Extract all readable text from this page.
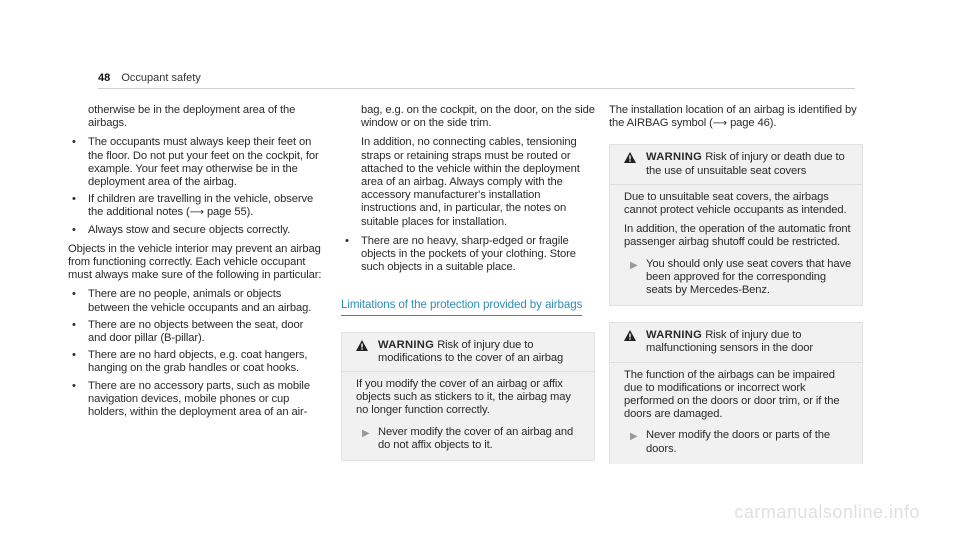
48 Occupant safety

otherwise be in the deployment area of the airbags.

• The occupants must always keep their feet on the floor. Do not put your feet on the cockpit, for example. Your feet may otherwise be in the deployment area of the airbag.
• If children are travelling in the vehicle, observe the additional notes (⟶ page 55).
• Always stow and secure objects correctly.

Objects in the vehicle interior may prevent an airbag from functioning correctly. Each vehicle occupant must always make sure of the following in particular:

• There are no people, animals or objects between the vehicle occupants and an airbag.
• There are no objects between the seat, door and door pillar (B-pillar).
• There are no hard objects, e.g. coat hangers, hanging on the grab handles or coat hooks.
• There are no accessory parts, such as mobile navigation devices, mobile phones or cup holders, within the deployment area of an air-

bag, e.g. on the cockpit, on the door, on the side window or on the side trim.

In addition, no connecting cables, tensioning straps or retaining straps must be routed or attached to the vehicle within the deployment area of an airbag. Always comply with the accessory manufacturer's installation instructions and, in particular, the notes on suitable places for installation.

• There are no heavy, sharp-edged or fragile objects in the pockets of your clothing. Store such objects in a suitable place.
Limitations of the protection provided by airbags
WARNING Risk of injury due to modifications to the cover of an airbag

If you modify the cover of an airbag or affix objects such as stickers to it, the airbag may no longer function correctly.

▶ Never modify the cover of an airbag and do not affix objects to it.

The installation location of an airbag is identified by the AIRBAG symbol (⟶ page 46).

WARNING Risk of injury or death due to the use of unsuitable seat covers

Due to unsuitable seat covers, the airbags cannot protect vehicle occupants as intended.

In addition, the operation of the automatic front passenger airbag shutoff could be restricted.

▶ You should only use seat covers that have been approved for the corresponding seats by Mercedes-Benz.
WARNING Risk of injury due to malfunctioning sensors in the door

The function of the airbags can be impaired due to modifications or incorrect work performed on the doors or door trim, or if the doors are damaged.

▶ Never modify the doors or parts of the doors.
carmanualsonline.info
